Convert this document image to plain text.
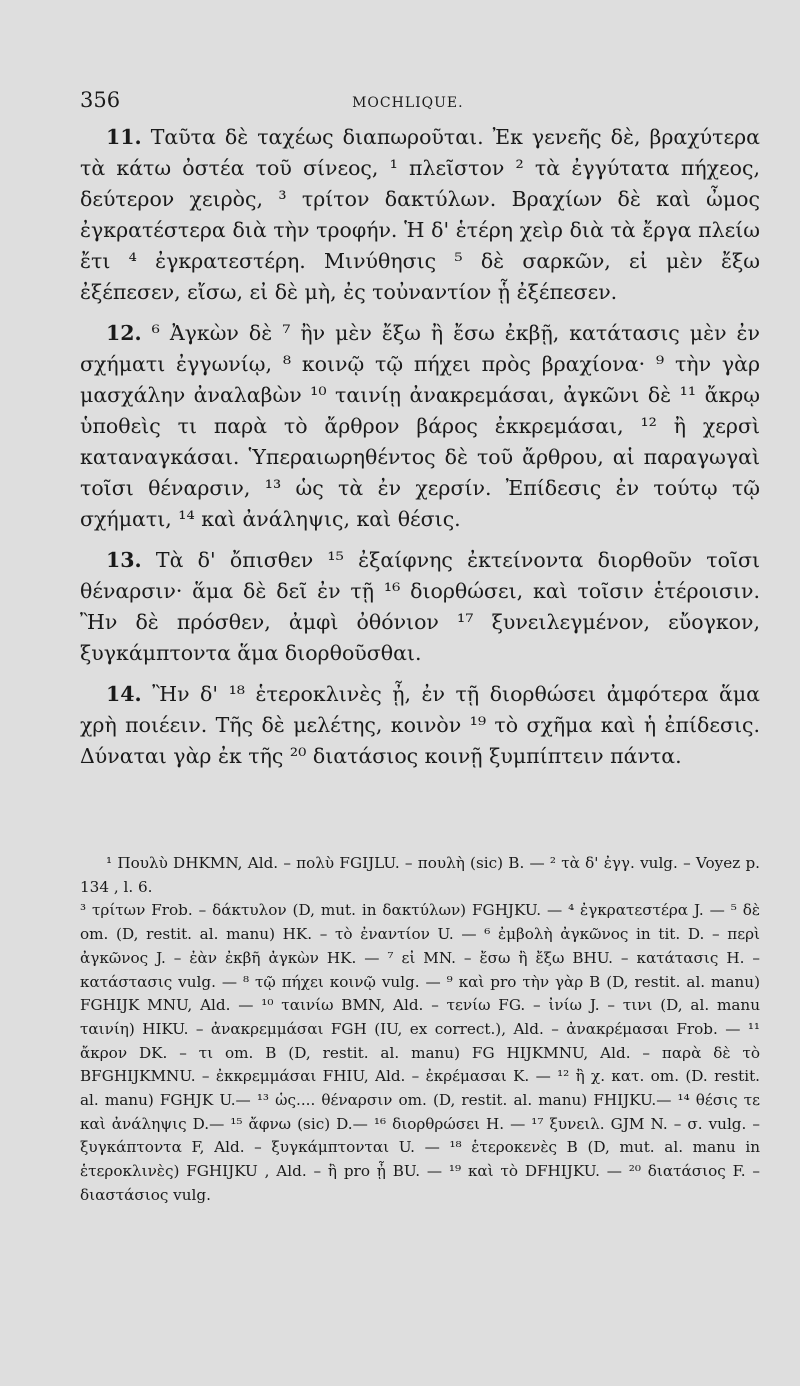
356	MOCHLIQUE.

11. Ταῦτα δὲ ταχέως διαπωροῦται. Ἐκ γενεῆς δὲ, βραχύτερα τὰ κάτω ὀστέα τοῦ σίνεος, ¹ πλεῖστον ² τὰ ἐγγύτατα πήχεος, δεύτερον χειρὸς, ³ τρίτον δακτύλων. Βραχίων δὲ καὶ ὦμος ἐγκρατέστερα διὰ τὴν τροφήν. Ἡ δ' ἑτέρη χεὶρ διὰ τὰ ἔργα πλείω ἔτι ⁴ ἐγκρατεστέρη. Μινύθησις ⁵ δὲ σαρκῶν, εἰ μὲν ἔξω ἐξέπεσεν, εἴσω, εἰ δὲ μὴ, ἐς τοὐναντίον ᾗ ἐξέπεσεν.

12. ⁶ Ἀγκὼν δὲ ⁷ ἢν μὲν ἔξω ἢ ἔσω ἐκβῇ, κατάτασις μὲν ἐν σχήματι ἐγγωνίῳ, ⁸ κοινῷ τῷ πήχει πρὸς βραχίονα· ⁹ τὴν γὰρ μασχάλην ἀναλαβὼν ¹⁰ ταινίῃ ἀνακρεμάσαι, ἀγκῶνι δὲ ¹¹ ἄκρῳ ὑποθεὶς τι παρὰ τὸ ἄρθρον βάρος ἐκκρεμάσαι, ¹² ἢ χερσὶ καταναγκάσαι. Ὑπεραιωρηθέντος δὲ τοῦ ἄρθρου, αἱ παραγωγαὶ τοῖσι θέναρσιν, ¹³ ὡς τὰ ἐν χερσίν. Ἐπίδεσις ἐν τούτῳ τῷ σχήματι, ¹⁴ καὶ ἀνάληψις, καὶ θέσις.

13. Τὰ δ' ὄπισθεν ¹⁵ ἐξαίφνης ἐκτείνοντα διορθοῦν τοῖσι θέναρσιν· ἅμα δὲ δεῖ ἐν τῇ ¹⁶ διορθώσει, καὶ τοῖσιν ἑτέροισιν. Ἢν δὲ πρόσθεν, ἀμφὶ ὀθόνιον ¹⁷ ξυνειλεγμένον, εὔογκον, ξυγκάμπτοντα ἅμα διορθοῦσθαι.

14. Ἢν δ' ¹⁸ ἑτεροκλινὲς ᾖ, ἐν τῇ διορθώσει ἀμφότερα ἅμα χρὴ ποιέειν. Τῆς δὲ μελέτης, κοινὸν ¹⁹ τὸ σχῆμα καὶ ἡ ἐπίδεσις. Δύναται γὰρ ἐκ τῆς ²⁰ διατάσιος κοινῇ ξυμπίπτειν πάντα.

¹ Πουλὺ DHKMN, Ald. – πολὺ FGIJLU. – πουλὴ (sic) B. — ² τὰ δ' ἐγγ. vulg. – Voyez p. 134 , l. 6.

³ τρίτων Frob. – δάκτυλον (D, mut. in δακτύλων) FGHJKU. — ⁴ ἐγκρατεστέρα J. — ⁵ δὲ om. (D, restit. al. manu) HK. – τὸ ἐναντίον U. — ⁶ ἐμβολὴ ἀγκῶνος in tit. D. – περὶ ἀγκῶνος J. – ἐὰν ἐκβῆ ἀγκὼν HK. — ⁷ εἰ MN. – ἔσω ἢ ἔξω BHU. – κατάτασις H. – κατάστασις vulg. — ⁸ τῷ πήχει κοινῷ vulg. — ⁹ καὶ pro τὴν γὰρ B (D, restit. al. manu) FGHIJK MNU, Ald. — ¹⁰ ταινίω BMN, Ald. – τενίω FG. – ἰνίω J. – τινι (D, al. manu ταινίη) HIKU. – ἀνακρεμμάσαι FGH (IU, ex correct.), Ald. – ἀνακρέμασαι Frob. — ¹¹ ἄκρον DK. – τι om. B (D, restit. al. manu) FG HIJKMNU, Ald. – παρὰ δὲ τὸ BFGHIJKMNU. – ἐκκρεμμάσαι FHIU, Ald. – ἐκρέμασαι K. — ¹² ἢ χ. κατ. om. (D. restit. al. manu) FGHJK U.— ¹³ ὡς.... θέναρσιν om. (D, restit. al. manu) FHIJKU.— ¹⁴ θέσις τε καὶ ἀνάληψις D.— ¹⁵ ἄφνω (sic) D.— ¹⁶ διορθρώσει H. — ¹⁷ ξυνειλ. GJM N. – σ. vulg. – ξυγκάπτοντα F, Ald. – ξυγκάμπτονται U. — ¹⁸ ἑτεροκενὲς B (D, mut. al. manu in ἑτεροκλινὲς) FGHIJKU , Ald. – ἢ pro ᾖ BU. — ¹⁹ καὶ τὸ DFHIJKU. — ²⁰ διατάσιος F. – διαστάσιος vulg.
